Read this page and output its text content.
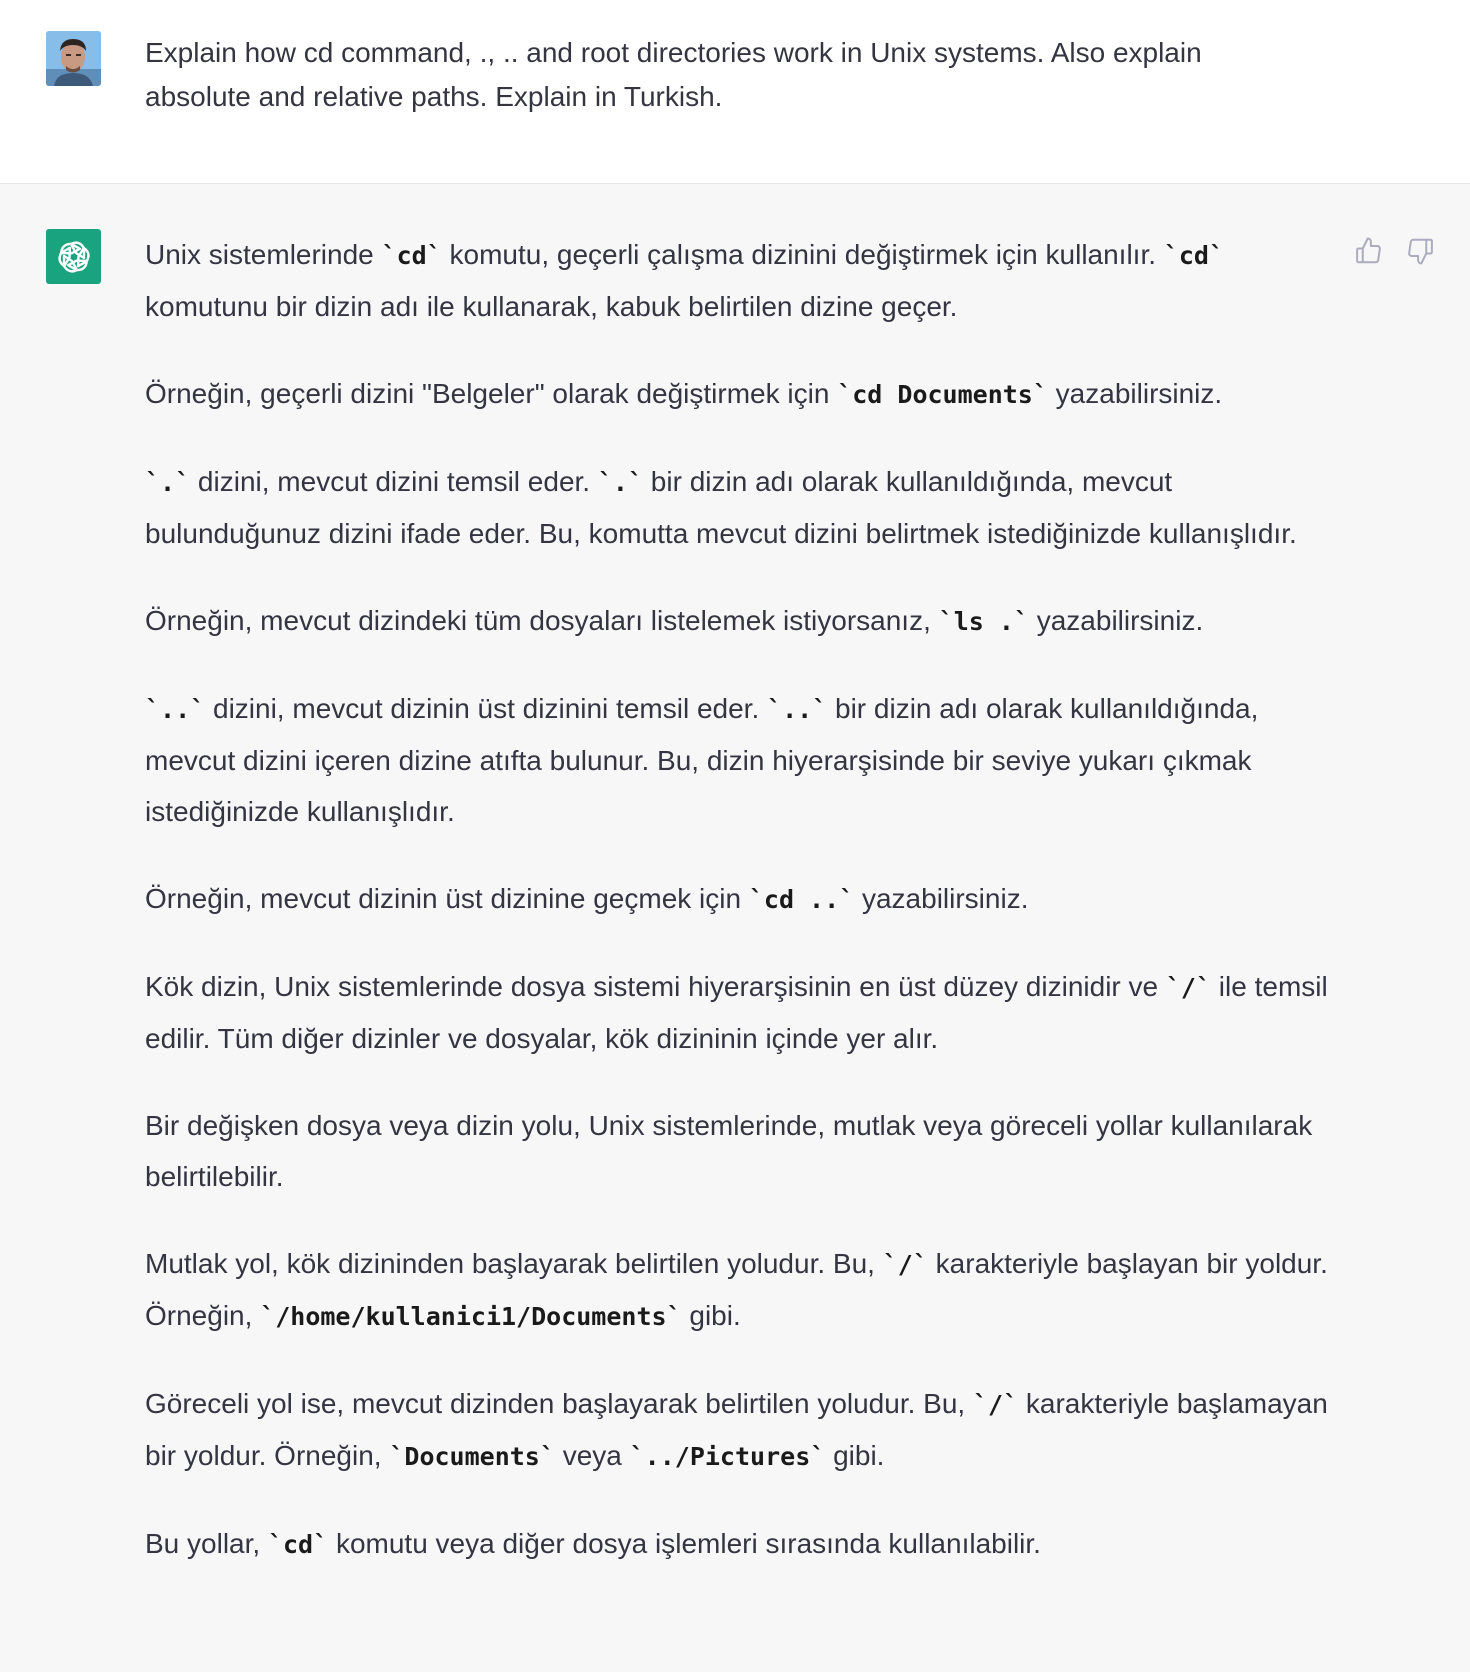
Explain how cd command, ., .. and root directories work in Unix systems. Also explain absolute and relative paths. Explain in Turkish.

Unix sistemlerinde `cd` komutu, geçerli çalışma dizinini değiştirmek için kullanılır. `cd` komutunu bir dizin adı ile kullanarak, kabuk belirtilen dizine geçer.

Örneğin, geçerli dizini "Belgeler" olarak değiştirmek için `cd Documents` yazabilirsiniz.

`.` dizini, mevcut dizini temsil eder. `.` bir dizin adı olarak kullanıldığında, mevcut bulunduğunuz dizini ifade eder. Bu, komutta mevcut dizini belirtmek istediğinizde kullanışlıdır.

Örneğin, mevcut dizindeki tüm dosyaları listelemek istiyorsanız, `ls .` yazabilirsiniz.

`..` dizini, mevcut dizinin üst dizinini temsil eder. `..` bir dizin adı olarak kullanıldığında, mevcut dizini içeren dizine atıfta bulunur. Bu, dizin hiyerarşisinde bir seviye yukarı çıkmak istediğinizde kullanışlıdır.

Örneğin, mevcut dizinin üst dizinine geçmek için `cd ..` yazabilirsiniz.

Kök dizin, Unix sistemlerinde dosya sistemi hiyerarşisinin en üst düzey dizinidir ve `/` ile temsil edilir. Tüm diğer dizinler ve dosyalar, kök dizininin içinde yer alır.

Bir değişken dosya veya dizin yolu, Unix sistemlerinde, mutlak veya göreceli yollar kullanılarak belirtilebilir.

Mutlak yol, kök dizininden başlayarak belirtilen yoludur. Bu, `/` karakteriyle başlayan bir yoldur. Örneğin, `/home/kullanici1/Documents` gibi.

Göreceli yol ise, mevcut dizinden başlayarak belirtilen yoludur. Bu, `/` karakteriyle başlamayan bir yoldur. Örneğin, `Documents` veya `../Pictures` gibi.

Bu yollar, `cd` komutu veya diğer dosya işlemleri sırasında kullanılabilir.
